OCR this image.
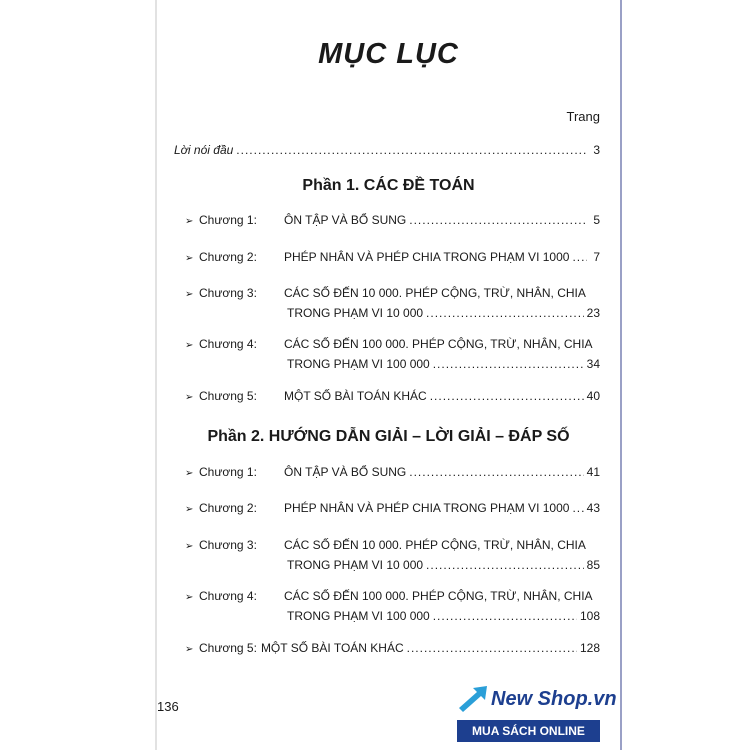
MỤC LỤC
Trang
Lời nói đầu .....	3
Phần 1. CÁC ĐỀ TOÁN
➢ Chương 1:	ÔN TẬP VÀ BỔ SUNG .....	5
➢ Chương 2:	PHÉP NHÂN VÀ PHÉP CHIA TRONG PHẠM VI 1000 ..... 7
➢ Chương 3:	CÁC SỐ ĐẾN 10 000. PHÉP CỘNG, TRỪ, NHÂN, CHIA
TRONG PHẠM VI 10 000 .....	23
➢ Chương 4:	CÁC SỐ ĐẾN 100 000. PHÉP CỘNG, TRỪ, NHÂN, CHIA
TRONG PHẠM VI 100 000 .....	34
➢ Chương 5:	MỘT SỐ BÀI TOÁN KHÁC .....	40
Phần 2. HƯỚNG DẪN GIẢI – LỜI GIẢI – ĐÁP SỐ
➢ Chương 1:	ÔN TẬP VÀ BỔ SUNG .....	41
➢ Chương 2:	PHÉP NHÂN VÀ PHÉP CHIA TRONG PHẠM VI 1000 ..... 43
➢ Chương 3:	CÁC SỐ ĐẾN 10 000. PHÉP CỘNG, TRỪ, NHÂN, CHIA
TRONG PHẠM VI 10 000 .....	85
➢ Chương 4:	CÁC SỐ ĐẾN 100 000. PHÉP CỘNG, TRỪ, NHÂN, CHIA
TRONG PHẠM VI 100 000 .....	108
➢ Chương 5: MỘT SỐ BÀI TOÁN KHÁC .....	128
136	New Shop.vn
MUA SÁCH ONLINE
